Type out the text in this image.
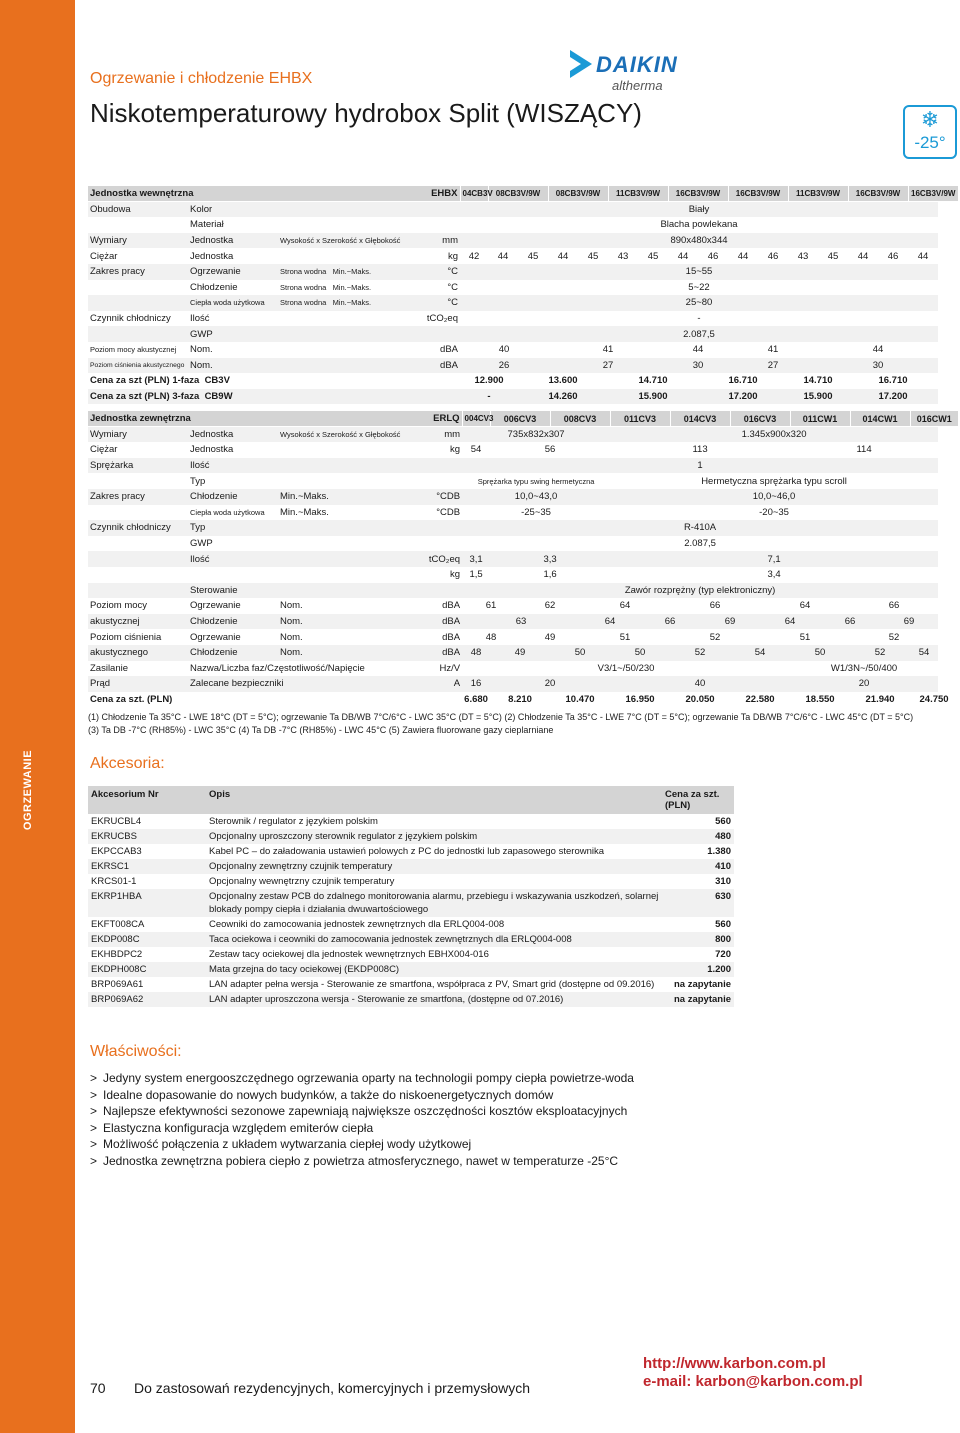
OGRZEWANIE
Ogrzewanie i chłodzenie EHBX
Niskotemperaturowy hydrobox Split (WISZĄCY)
DAIKIN
altherma
❄
-25°
Jednostka wewnętrzna			EHBX	04CB3V	08CB3V/9W		08CB3V/9W		11CB3V/9W		16CB3V/9W		16CB3V/9W		11CB3V/9W		16CB3V/9W		16CB3V/9W
Obudowa	Kolor			Biały															
	Materiał			Blacha powlekana															
Wymiary	Jednostka	Wysokość x Szerokość x Głębokość	mm	890x480x344															
Ciężar	Jednostka		kg	42	44	45	44	45	43	45	44	46	44	46	43	45	44	46	44
Zakres pracy	Ogrzewanie	Strona wodna Min.~Maks.	°C	15~55															
	Chłodzenie	Strona wodna Min.~Maks.	°C	5~22															
	Ciepła woda użytkowa	Strona wodna Min.~Maks.	°C	25~80															
Czynnik chłodniczy	Ilość		tCO₂eq	-															
	GWP			2.087,5															
Poziom mocy akustycznej	Nom.		dBA	40			41				44		41			44			
Poziom ciśnienia akustycznego	Nom.		dBA	26			27				30		27			30			
Cena za szt (PLN) 1-faza CB3V				12.900		13.600			14.710			16.710			14.710		16.710		
Cena za szt (PLN) 3-faza CB9W				-		14.260			15.900			17.200			15.900		17.200		
Jednostka zewnętrzna			ERLQ	004CV3	006CV3		008CV3		011CV3		014CV3		016CV3		011CW1		014CW1		016CW1
Wymiary	Jednostka	Wysokość x Szerokość x Głębokość	mm	735x832x307					1.345x900x320										
Ciężar	Jednostka		kg	54	56				113						114				
Sprężarka	Ilość			1															
	Typ			Sprężarka typu swing hermetyczna					Hermetyczna sprężarka typu scroll										
Zakres pracy	Chłodzenie	Min.~Maks.	°CDB	10,0~43,0					10,0~46,0										
	Ciepła woda użytkowa	Min.~Maks.	°CDB	-25~35					-20~35										
Czynnik chłodniczy	Typ			R-410A															
	GWP			2.087,5															
	Ilość		tCO₂eq	3,1	3,3				7,1										
			kg	1,5	1,6				3,4										
	Sterowanie			Zawór rozprężny (typ elektroniczny)															
Poziom mocy	Ogrzewanie	Nom.	dBA	61		62		64			66			64			66		
akustycznej	Chłodzenie	Nom.	dBA	63				64		66		69		64		66		69	
Poziom ciśnienia	Ogrzewanie	Nom.	dBA	48		49		51			52			51			52		
akustycznego	Chłodzenie	Nom.	dBA	48	49		50		50		52		54		50		52		54
Zasilanie	Nazwa/Liczba faz/Częstotliwość/Napięcie		Hz/V	V3/1~/50/230											W1/3N~/50/400				
Prąd	Zalecane bezpieczniki		A	16	20				40						20				
Cena za szt. (PLN)				6.680	8.210		10.470		16.950		20.050		22.580		18.550		21.940		24.750
(1) Chłodzenie Ta 35°C - LWE 18°C (DT = 5°C); ogrzewanie Ta DB/WB 7°C/6°C - LWC 35°C (DT = 5°C) (2) Chłodzenie Ta 35°C - LWE 7°C (DT = 5°C); ogrzewanie Ta DB/WB 7°C/6°C - LWC 45°C (DT = 5°C)
(3) Ta DB -7°C (RH85%) - LWC 35°C (4) Ta DB -7°C (RH85%) - LWC 45°C (5) Zawiera fluorowane gazy cieplarniane
Akcesoria:
Akcesorium Nr	Opis	Cena za szt. (PLN)
EKRUCBL4	Sterownik / regulator z językiem polskim	560
EKRUCBS	Opcjonalny uproszczony sterownik regulator z językiem polskim	480
EKPCCAB3	Kabel PC – do załadowania ustawień polowych z PC do jednostki lub zapasowego sterownika	1.380
EKRSC1	Opcjonalny zewnętrzny czujnik temperatury	410
KRCS01-1	Opcjonalny wewnętrzny czujnik temperatury	310
EKRP1HBA	Opcjonalny zestaw PCB do zdalnego monitorowania alarmu, przebiegu i wskazywania uszkodzeń, solarnej blokady pompy ciepła i działania dwuwartościowego	630
EKFT008CA	Ceowniki do zamocowania jednostek zewnętrznych dla ERLQ004-008	560
EKDP008C	Taca ociekowa i ceowniki do zamocowania jednostek zewnętrznych dla ERLQ004-008	800
EKHBDPC2	Zestaw tacy ociekowej dla jednostek wewnętrznych EBHX004-016	720
EKDPH008C	Mata grzejna do tacy ociekowej (EKDP008C)	1.200
BRP069A61	LAN adapter pełna wersja - Sterowanie ze smartfona, współpraca z PV, Smart grid (dostępne od 09.2016)	na zapytanie
BRP069A62	LAN adapter uproszczona wersja - Sterowanie ze smartfona, (dostępne od 07.2016)	na zapytanie
Właściwości:
> Jedyny system energooszczędnego ogrzewania oparty na technologii pompy ciepła powietrze-woda
> Idealne dopasowanie do nowych budynków, a także do niskoenergetycznych domów
> Najlepsze efektywności sezonowe zapewniają największe oszczędności kosztów eksploatacyjnych
> Elastyczna konfiguracja względem emiterów ciepła
> Możliwość połączenia z układem wytwarzania ciepłej wody użytkowej
> Jednostka zewnętrzna pobiera ciepło z powietrza atmosferycznego, nawet w temperaturze -25°C
70 Do zastosowań rezydencyjnych, komercyjnych i przemysłowych
http://www.karbon.com.pl
e-mail: karbon@karbon.com.pl
